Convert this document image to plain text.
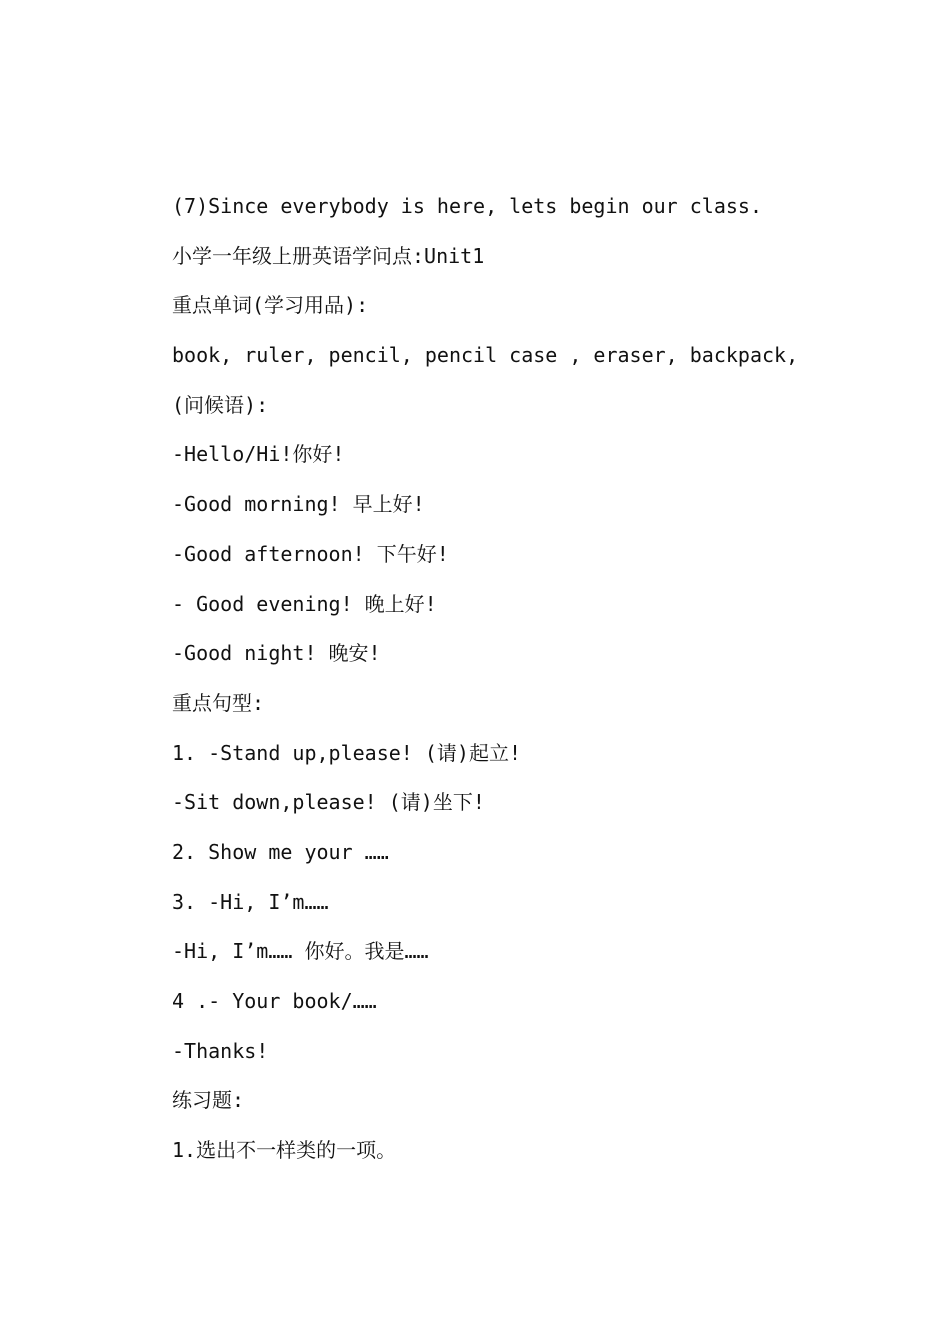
(7)Since everybody is here, lets begin our class.
小学一年级上册英语学问点:Unit1
重点单词(学习用品):
book, ruler, pencil, pencil case , eraser, backpack,
(问候语):
-Hello/Hi!你好!
-Good morning! 早上好!
-Good afternoon! 下午好!
- Good evening! 晚上好!
-Good night! 晚安!
重点句型:
1. -Stand up,please! (请)起立!
-Sit down,please! (请)坐下!
2. Show me your ……
3. -Hi, I’m……
-Hi, I’m…… 你好。我是……
4 .- Your book/……
-Thanks!
练习题:
1.选出不一样类的一项。
